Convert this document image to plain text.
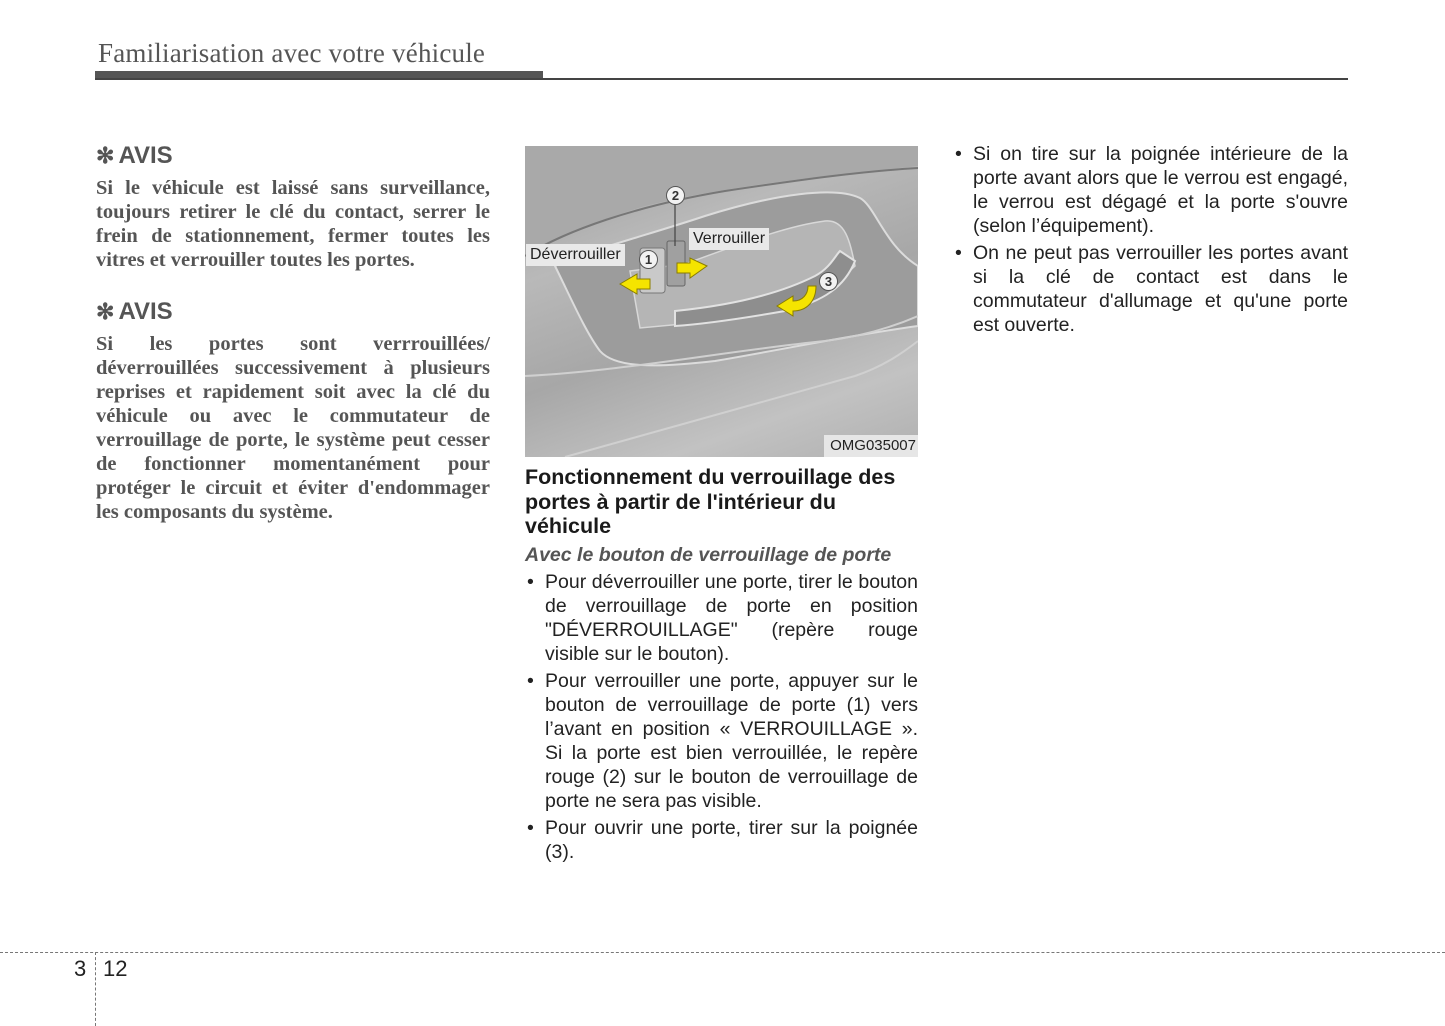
Familiarisation avec votre véhicule
✻ AVIS

Si le véhicule est laissé sans surveillance, toujours retirer le clé du contact, serrer le frein de stationnement, fermer toutes les vitres et verrouiller toutes les portes.

✻ AVIS

Si les portes sont verrrouillées/ déverrouillées successivement à plusieurs reprises et rapidement soit avec la clé du véhicule ou avec le commutateur de verrouillage de porte, le système peut cesser de fonctionner momentanément pour protéger le circuit et éviter d'endommager les composants du système.

Déverrouiller
Verrouiller
1
2
3
OMG035007
Fonctionnement du verrouillage des portes à partir de l'intérieur du véhicule
Avec le bouton de verrouillage de porte
• Pour déverrouiller une porte, tirer le bouton de verrouillage de porte en position "DÉVERROUILLAGE" (repère rouge visible sur le bouton).
• Pour verrouiller une porte, appuyer sur le bouton de verrouillage de porte (1) vers l’avant en position « VERROUILLAGE ». Si la porte est bien verrouillée, le repère rouge (2) sur le bouton de verrouillage de porte ne sera pas visible.
• Pour ouvrir une porte, tirer sur la poignée (3).
• Si on tire sur la poignée intérieure de la porte avant alors que le verrou est engagé, le verrou est dégagé et la porte s'ouvre (selon l’équipement).
• On ne peut pas verrouiller les portes avant si la clé de contact est dans le commutateur d'allumage et qu'une porte est ouverte.
3 12
